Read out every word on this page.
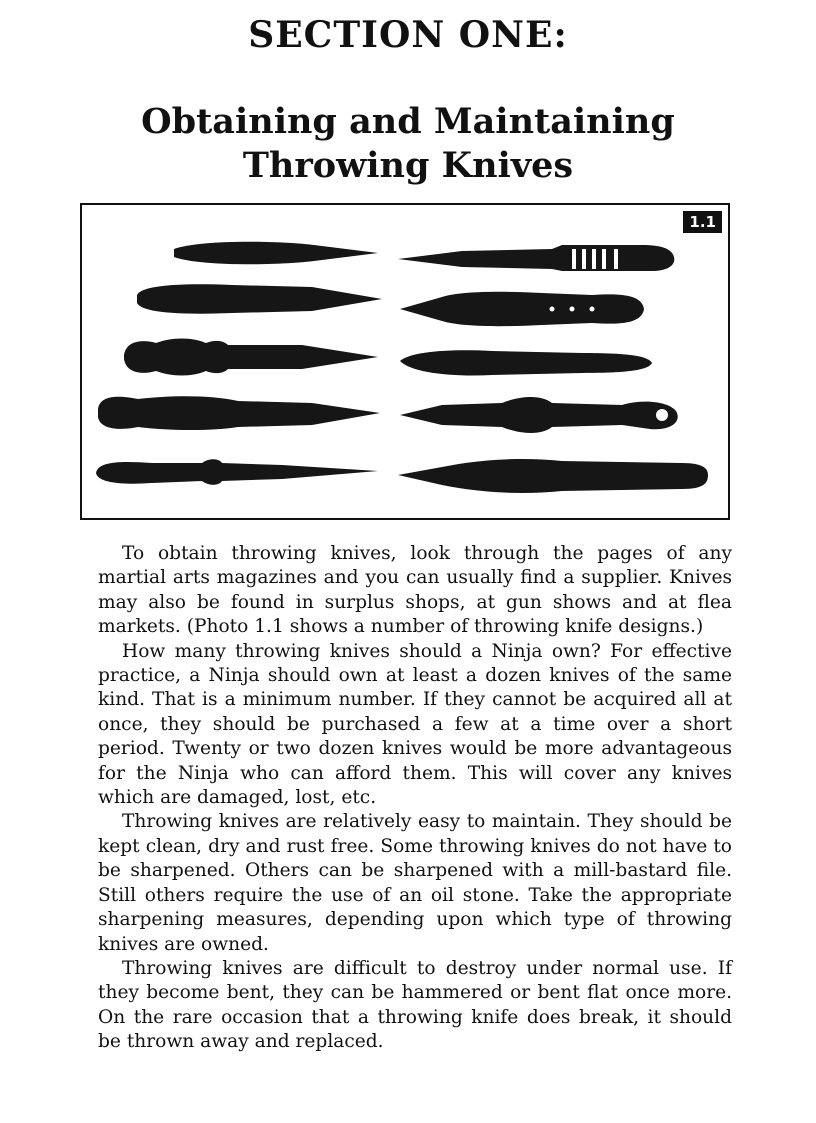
SECTION ONE:
Obtaining and Maintaining
Throwing Knives
1.1

To obtain throwing knives, look through the pages of any martial arts magazines and you can usually find a supplier. Knives may also be found in surplus shops, at gun shows and at flea markets. (Photo 1.1 shows a number of throwing knife designs.)

How many throwing knives should a Ninja own? For effective practice, a Ninja should own at least a dozen knives of the same kind. That is a minimum number. If they cannot be acquired all at once, they should be purchased a few at a time over a short period. Twenty or two dozen knives would be more advantageous for the Ninja who can afford them. This will cover any knives which are damaged, lost, etc.

Throwing knives are relatively easy to maintain. They should be kept clean, dry and rust free. Some throwing knives do not have to be sharpened. Others can be sharpened with a mill-bastard file. Still others require the use of an oil stone. Take the appropriate sharpening measures, depending upon which type of throwing knives are owned.

Throwing knives are difficult to destroy under normal use. If they become bent, they can be hammered or bent flat once more. On the rare occasion that a throwing knife does break, it should be thrown away and replaced.
